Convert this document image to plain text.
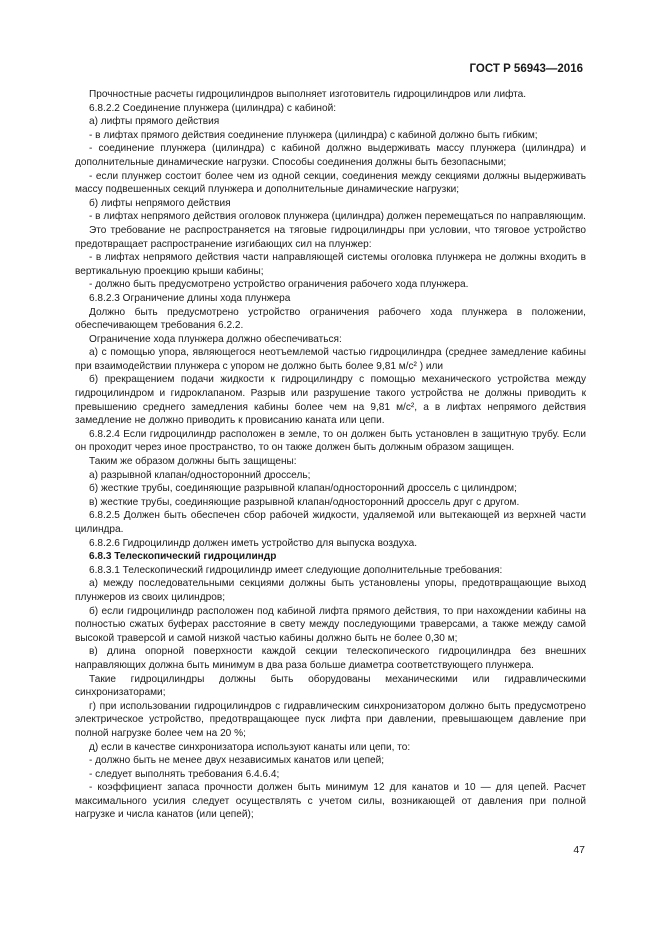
ГОСТ Р 56943—2016

Прочностные расчеты гидроцилиндров выполняет изготовитель гидроцилиндров или лифта.

6.8.2.2 Соединение плунжера (цилиндра) с кабиной:

а) лифты прямого действия

- в лифтах прямого действия соединение плунжера (цилиндра) с кабиной должно быть гибким;

- соединение плунжера (цилиндра) с кабиной должно выдерживать массу плунжера (цилиндра) и дополнительные динамические нагрузки. Способы соединения должны быть безопасными;

- если плунжер состоит более чем из одной секции, соединения между секциями должны выдерживать массу подвешенных секций плунжера и дополнительные динамические нагрузки;

б) лифты непрямого действия

- в лифтах непрямого действия оголовок плунжера (цилиндра) должен перемещаться по направляющим.

Это требование не распространяется на тяговые гидроцилиндры при условии, что тяговое устройство предотвращает распространение изгибающих сил на плунжер:

- в лифтах непрямого действия части направляющей системы оголовка плунжера не должны входить в вертикальную проекцию крыши кабины;

- должно быть предусмотрено устройство ограничения рабочего хода плунжера.

6.8.2.3 Ограничение длины хода плунжера

Должно быть предусмотрено устройство ограничения рабочего хода плунжера в положении, обеспечивающем требования 6.2.2.

Ограничение хода плунжера должно обеспечиваться:

а) с помощью упора, являющегося неотъемлемой частью гидроцилиндра (среднее замедление кабины при взаимодействии плунжера с упором не должно быть более 9,81 м/с² ) или

б) прекращением подачи жидкости к гидроцилиндру с помощью механического устройства между гидроцилиндром и гидроклапаном. Разрыв или разрушение такого устройства не должны приводить к превышению среднего замедления кабины более чем на 9,81 м/с², а в лифтах непрямого действия замедление не должно приводить к провисанию каната или цепи.

6.8.2.4 Если гидроцилиндр расположен в земле, то он должен быть установлен в защитную трубу. Если он проходит через иное пространство, то он также должен быть должным образом защищен.

Таким же образом должны быть защищены:

а) разрывной клапан/односторонний дроссель;

б) жесткие трубы, соединяющие разрывной клапан/односторонний дроссель с цилиндром;

в) жесткие трубы, соединяющие разрывной клапан/односторонний дроссель друг с другом.

6.8.2.5 Должен быть обеспечен сбор рабочей жидкости, удаляемой или вытекающей из верхней части цилиндра.

6.8.2.6 Гидроцилиндр должен иметь устройство для выпуска воздуха.

6.8.3 Телескопический гидроцилиндр

6.8.3.1 Телескопический гидроцилиндр имеет следующие дополнительные требования:

а) между последовательными секциями должны быть установлены упоры, предотвращающие выход плунжеров из своих цилиндров;

б) если гидроцилиндр расположен под кабиной лифта прямого действия, то при нахождении кабины на полностью сжатых буферах расстояние в свету между последующими траверсами, а также между самой высокой траверсой и самой низкой частью кабины должно быть не более 0,30 м;

в) длина опорной поверхности каждой секции телескопического гидроцилиндра без внешних направляющих должна быть минимум в два раза больше диаметра соответствующего плунжера.

Такие гидроцилиндры должны быть оборудованы механическими или гидравлическими синхронизаторами;

г) при использовании гидроцилиндров с гидравлическим синхронизатором должно быть предусмотрено электрическое устройство, предотвращающее пуск лифта при давлении, превышающем давление при полной нагрузке более чем на 20 %;

д) если в качестве синхронизатора используют канаты или цепи, то:

- должно быть не менее двух независимых канатов или цепей;

- следует выполнять требования 6.4.6.4;

- коэффициент запаса прочности должен быть минимум 12 для канатов и 10 — для цепей. Расчет максимального усилия следует осуществлять с учетом силы, возникающей от давления при полной нагрузке и числа канатов (или цепей);

47
